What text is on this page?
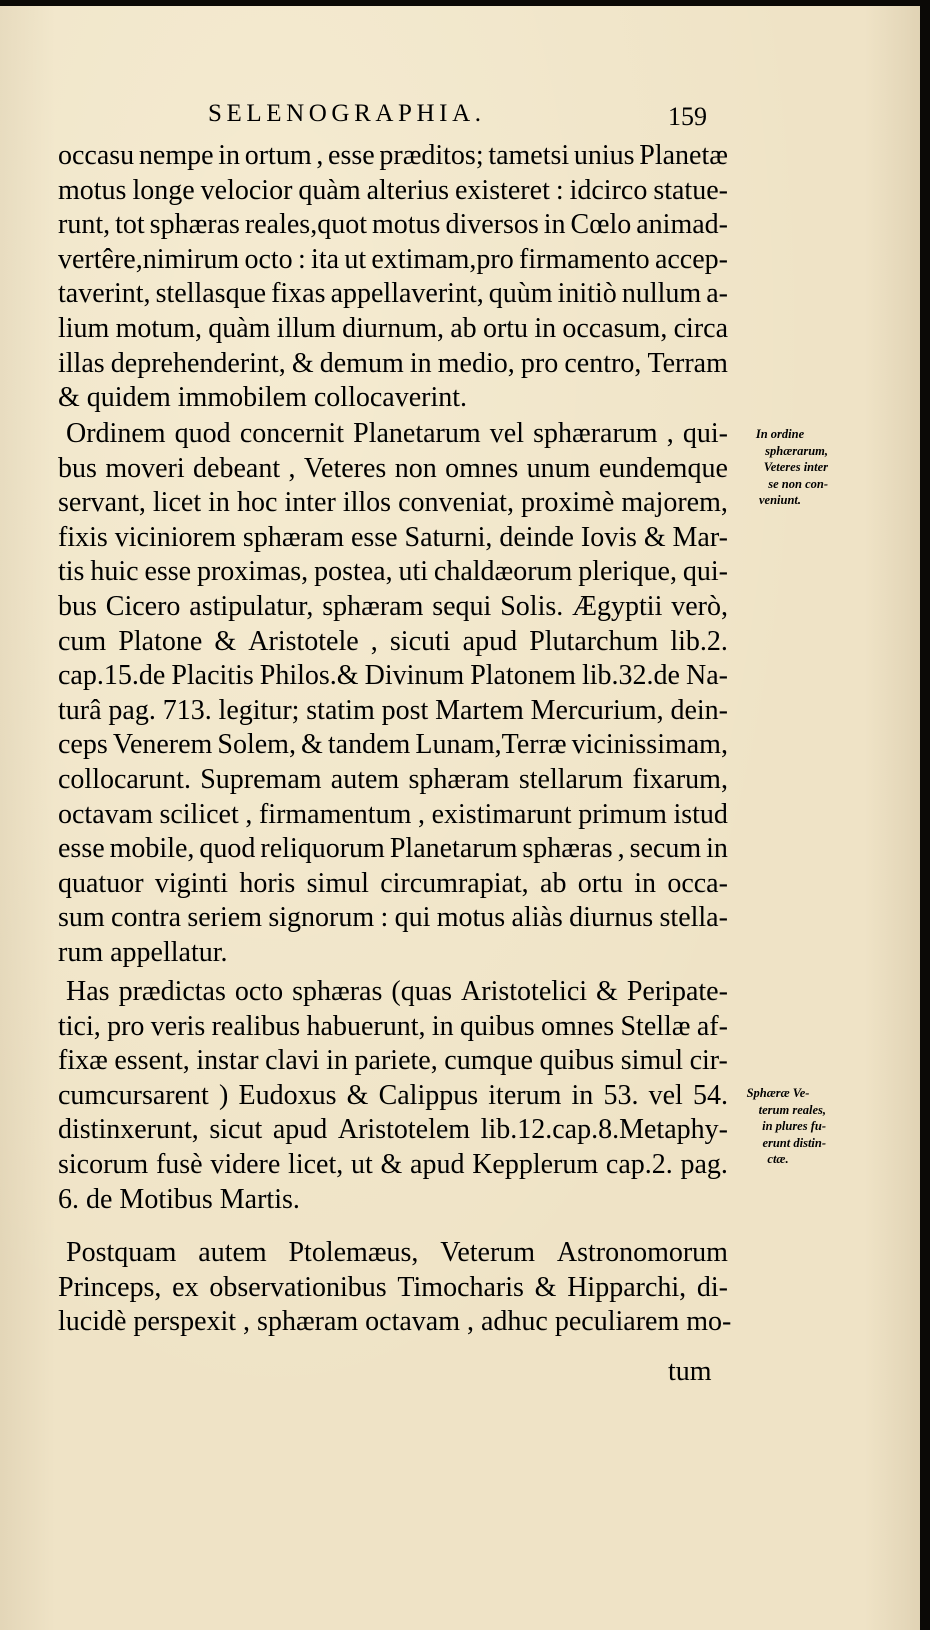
SELENOGRAPHIA.	159
occasu nempe in ortum , esse præditos; tametsi unius Planetæ
motus longe velocior quàm alterius existeret : idcirco statue-
runt, tot sphæras reales,quot motus diversos in Cœlo animad-
vertêre,nimirum octo : ita ut extimam,pro firmamento accep-
taverint, stellasque fixas appellaverint, quùm initiò nullum a-
lium motum, quàm illum diurnum, ab ortu in occasum, circa
illas deprehenderint, & demum in medio, pro centro, Terram
& quidem immobilem collocaverint.
Ordinem quod concernit Planetarum vel sphærarum , qui-
bus moveri debeant , Veteres non omnes unum eundemque
servant, licet in hoc inter illos conveniat, proximè majorem,
fixis viciniorem sphæram esse Saturni, deinde Iovis & Mar-
tis huic esse proximas, postea, uti chaldæorum plerique, qui-
bus Cicero astipulatur, sphæram sequi Solis. Ægyptii verò,
cum Platone & Aristotele , sicuti apud Plutarchum lib.2.
cap.15.de Placitis Philos.& Divinum Platonem lib.32.de Na-
turâ pag. 713. legitur; statim post Martem Mercurium, dein-
ceps Venerem Solem, & tandem Lunam,Terræ vicinissimam,
collocarunt. Supremam autem sphæram stellarum fixarum,
octavam scilicet , firmamentum , existimarunt primum istud
esse mobile, quod reliquorum Planetarum sphæras , secum in
quatuor viginti horis simul circumrapiat, ab ortu in occa-
sum contra seriem signorum : qui motus aliàs diurnus stella-
rum appellatur.
Has prædictas octo sphæras (quas Aristotelici & Peripate-
tici, pro veris realibus habuerunt, in quibus omnes Stellæ af-
fixæ essent, instar clavi in pariete, cumque quibus simul cir-
cumcursarent ) Eudoxus & Calippus iterum in 53. vel 54.
distinxerunt, sicut apud Aristotelem lib.12.cap.8.Metaphy-
sicorum fusè videre licet, ut & apud Kepplerum cap.2. pag.
6. de Motibus Martis.
Postquam autem Ptolemæus, Veterum Astronomorum
Princeps, ex observationibus Timocharis & Hipparchi, di-
lucidè perspexit , sphæram octavam , adhuc peculiarem mo-
In ordine
sphærarum,
Veteres inter
se non con-
veniunt.
Sphæræ Ve-
terum reales,
in plures fu-
erunt distin-
ctæ.
tum
